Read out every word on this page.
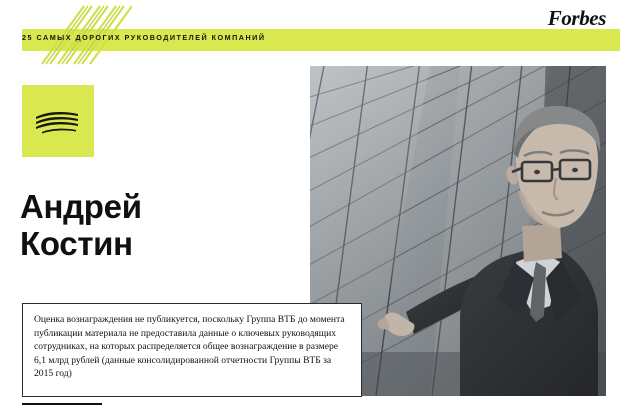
25 САМЫХ ДОРОГИХ РУКОВОДИТЕЛЕЙ КОМПАНИЙ
Forbes
Андрей
Костин

Оценка вознаграждения не публикуется, поскольку Группа ВТБ до момента публикации материала не предоставила данные о ключевых руководящих сотрудниках, на которых распределяется общее вознаграждение в размере 6,1 млрд рублей (данные консолидированной отчетности Группы ВТБ за 2015 год)
